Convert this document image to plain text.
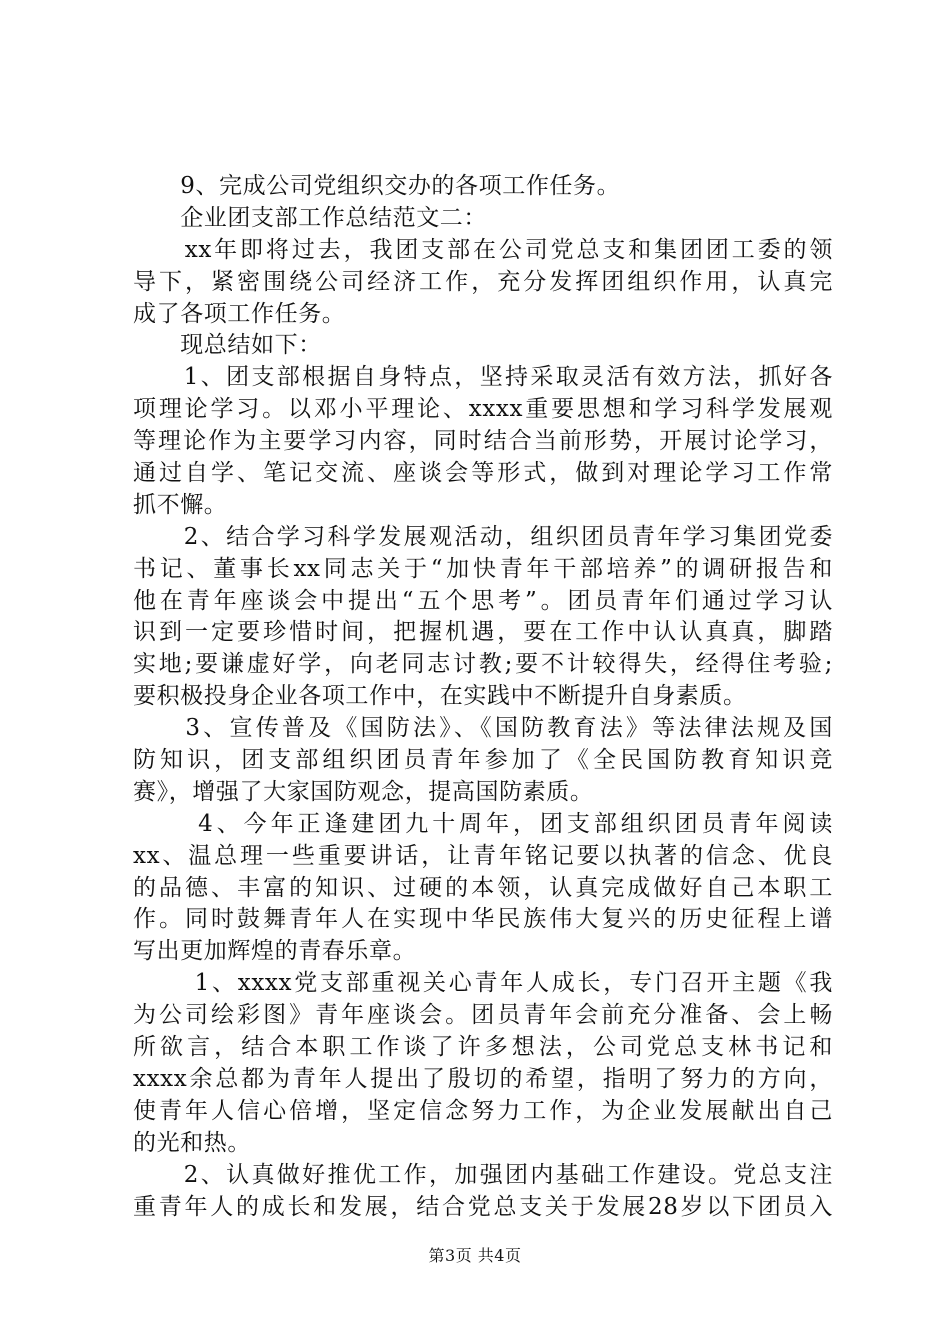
　　9、完成公司党组织交办的各项工作任务。
　　企业团支部工作总结范文二：
　　xx年即将过去，我团支部在公司党总支和集团团工委的领
导下，紧密围绕公司经济工作，充分发挥团组织作用，认真完
成了各项工作任务。
　　现总结如下：
　　1、团支部根据自身特点，坚持采取灵活有效方法，抓好各
项理论学习。以邓小平理论、xxxx重要思想和学习科学发展观
等理论作为主要学习内容，同时结合当前形势，开展讨论学习，
通过自学、笔记交流、座谈会等形式，做到对理论学习工作常
抓不懈。
　　2、结合学习科学发展观活动，组织团员青年学习集团党委
书记、董事长xx同志关于“加快青年干部培养”的调研报告和
他在青年座谈会中提出“五个思考”。团员青年们通过学习认
识到一定要珍惜时间，把握机遇，要在工作中认认真真，脚踏
实地;要谦虚好学，向老同志讨教;要不计较得失，经得住考验;
要积极投身企业各项工作中，在实践中不断提升自身素质。
　　3、宣传普及《国防法》、《国防教育法》等法律法规及国
防知识，团支部组织团员青年参加了《全民国防教育知识竞
赛》，增强了大家国防观念，提高国防素质。
　　 4、今年正逢建团九十周年，团支部组织团员青年阅读
xx、温总理一些重要讲话，让青年铭记要以执著的信念、优良
的品德、丰富的知识、过硬的本领，认真完成做好自己本职工
作。同时鼓舞青年人在实现中华民族伟大复兴的历史征程上谱
写出更加辉煌的青春乐章。
　　 1、xxxx党支部重视关心青年人成长，专门召开主题《我
为公司绘彩图》青年座谈会。团员青年会前充分准备、会上畅
所欲言，结合本职工作谈了许多想法，公司党总支林书记和
xxxx余总都为青年人提出了殷切的希望，指明了努力的方向，
使青年人信心倍增，坚定信念努力工作，为企业发展献出自己
的光和热。
　　2、认真做好推优工作，加强团内基础工作建设。党总支注
重青年人的成长和发展，结合党总支关于发展28岁以下团员入
第3页 共4页
